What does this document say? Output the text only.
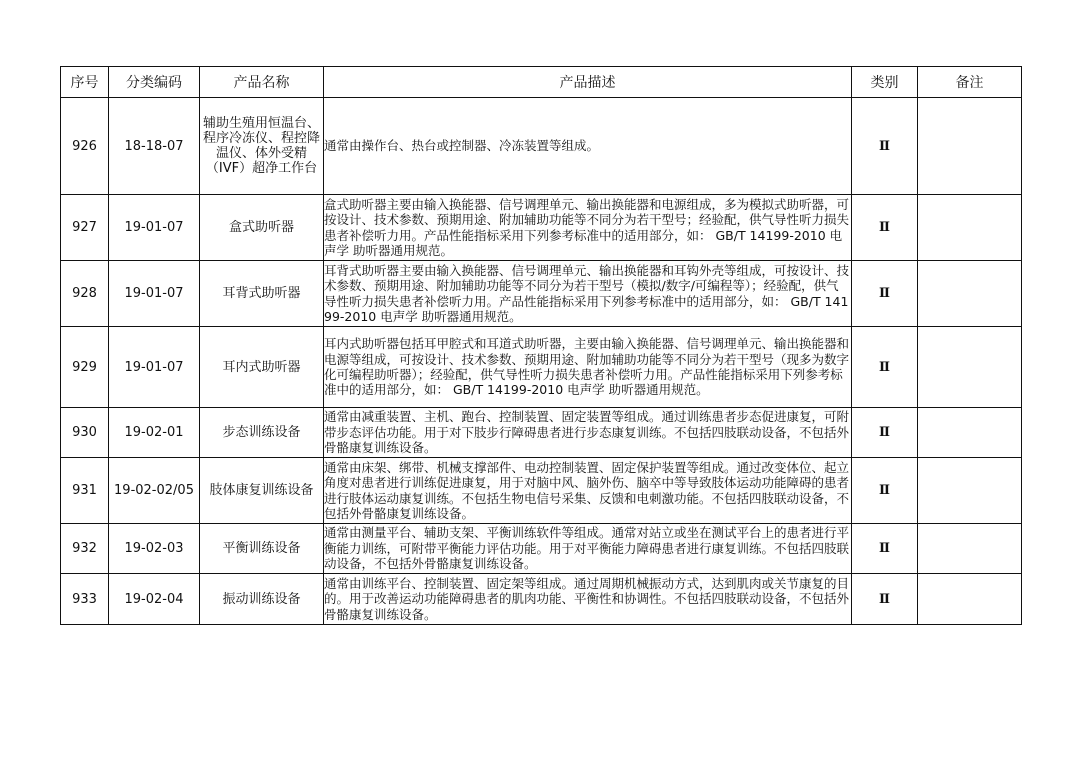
序号	分类编码	产品名称	产品描述	类别	备注
926	18-18-07	辅助生殖用恒温台、程序冷冻仪、程控降温仪、体外受精（IVF）超净工作台	通常由操作台、热台或控制器、冷冻装置等组成。	Ⅱ	
927	19-01-07	盒式助听器	盒式助听器主要由输入换能器、信号调理单元、输出换能器和电源组成，多为模拟式助听器，可按设计、技术参数、预期用途、附加辅助功能等不同分为若干型号；经验配，供气导性听力损失患者补偿听力用。产品性能指标采用下列参考标准中的适用部分，如： GB/T 14199-2010 电声学 助听器通用规范。	Ⅱ	
928	19-01-07	耳背式助听器	耳背式助听器主要由输入换能器、信号调理单元、输出换能器和耳钩外壳等组成，可按设计、技术参数、预期用途、附加辅助功能等不同分为若干型号（模拟/数字/可编程等）；经验配，供气导性听力损失患者补偿听力用。产品性能指标采用下列参考标准中的适用部分，如： GB/T 14199-2010 电声学 助听器通用规范。	Ⅱ	
929	19-01-07	耳内式助听器	耳内式助听器包括耳甲腔式和耳道式助听器，主要由输入换能器、信号调理单元、输出换能器和电源等组成，可按设计、技术参数、预期用途、附加辅助功能等不同分为若干型号（现多为数字化可编程助听器）；经验配，供气导性听力损失患者补偿听力用。产品性能指标采用下列参考标准中的适用部分，如： GB/T 14199-2010 电声学 助听器通用规范。	Ⅱ	
930	19-02-01	步态训练设备	通常由减重装置、主机、跑台、控制装置、固定装置等组成。通过训练患者步态促进康复，可附带步态评估功能。用于对下肢步行障碍患者进行步态康复训练。不包括四肢联动设备，不包括外骨骼康复训练设备。	Ⅱ	
931	19-02-02/05	肢体康复训练设备	通常由床架、绑带、机械支撑部件、电动控制装置、固定保护装置等组成。通过改变体位、起立角度对患者进行训练促进康复，用于对脑中风、脑外伤、脑卒中等导致肢体运动功能障碍的患者进行肢体运动康复训练。不包括生物电信号采集、反馈和电刺激功能。不包括四肢联动设备，不包括外骨骼康复训练设备。	Ⅱ	
932	19-02-03	平衡训练设备	通常由测量平台、辅助支架、平衡训练软件等组成。通常对站立或坐在测试平台上的患者进行平衡能力训练，可附带平衡能力评估功能。用于对平衡能力障碍患者进行康复训练。不包括四肢联动设备，不包括外骨骼康复训练设备。	Ⅱ	
933	19-02-04	振动训练设备	通常由训练平台、控制装置、固定架等组成。通过周期机械振动方式，达到肌肉或关节康复的目的。用于改善运动功能障碍患者的肌肉功能、平衡性和协调性。不包括四肢联动设备，不包括外骨骼康复训练设备。	Ⅱ	
